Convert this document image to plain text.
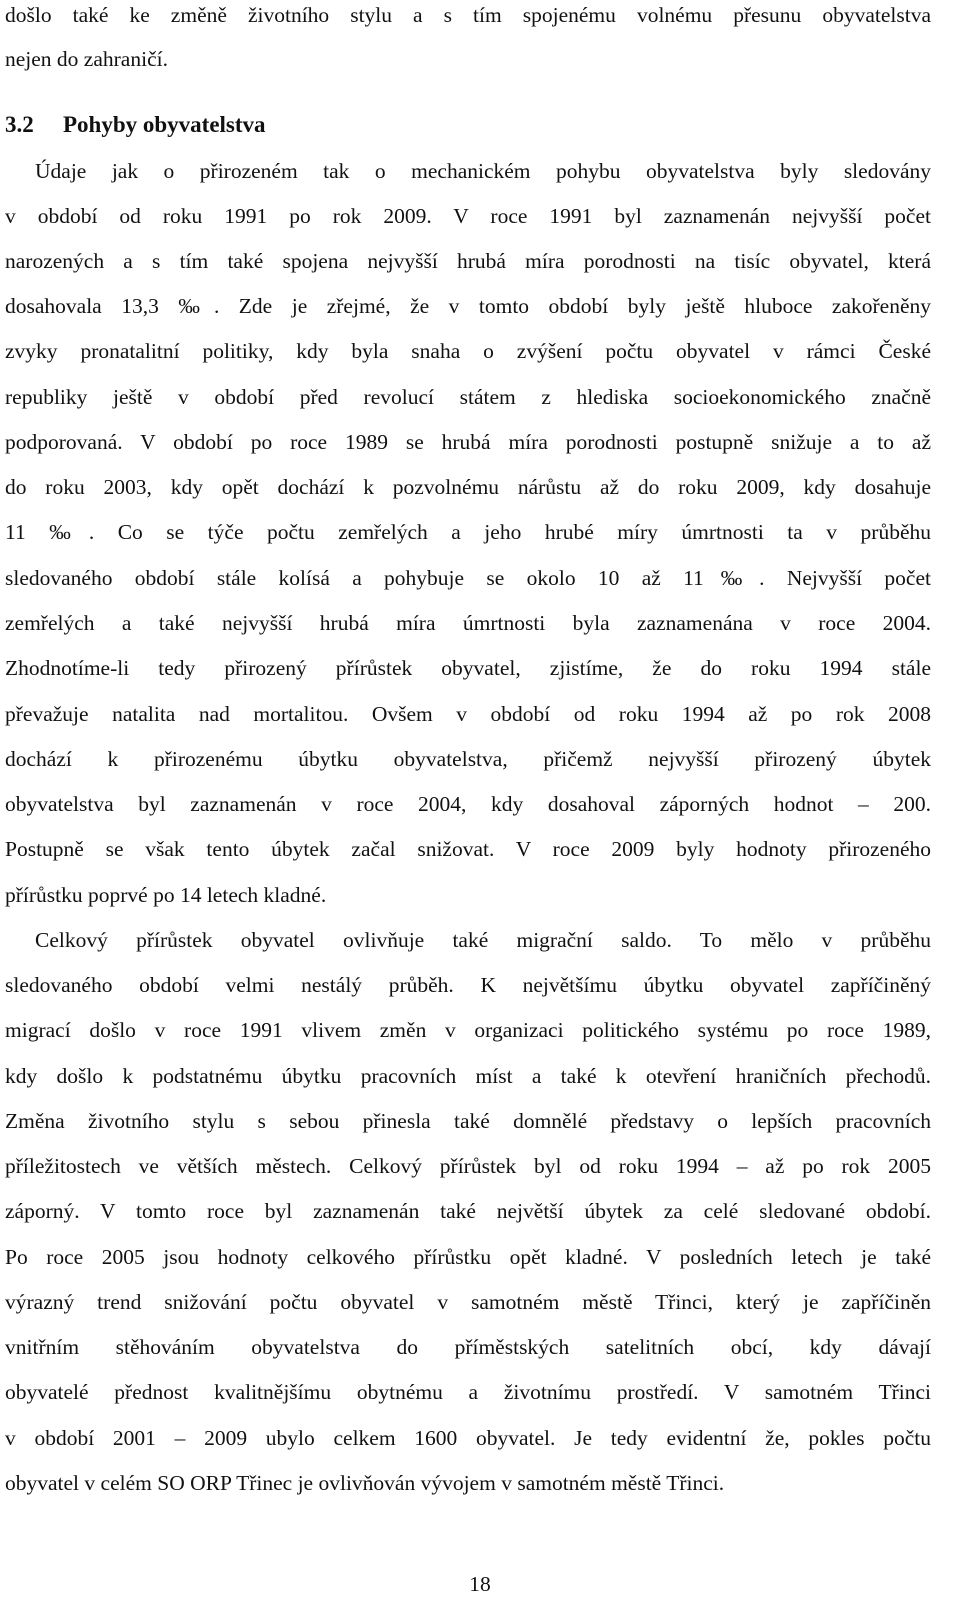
došlo také ke změně životního stylu a s tím spojenému volnému přesunu obyvatelstva
nejen do zahraničí.
3.2 Pohyby obyvatelstva
Údaje jak o přirozeném tak o mechanickém pohybu obyvatelstva byly sledovány
v období od roku 1991 po rok 2009. V roce 1991 byl zaznamenán nejvyšší počet
narozených a s tím také spojena nejvyšší hrubá míra porodnosti na tisíc obyvatel, která
dosahovala 13,3 ‰. Zde je zřejmé, že v tomto období byly ještě hluboce zakořeněny
zvyky pronatalitní politiky, kdy byla snaha o zvýšení počtu obyvatel v rámci České
republiky ještě v období před revolucí státem z hlediska socioekonomického značně
podporovaná. V období po roce 1989 se hrubá míra porodnosti postupně snižuje a to až
do roku 2003, kdy opět dochází k pozvolnému nárůstu až do roku 2009, kdy dosahuje
11 ‰. Co se týče počtu zemřelých a jeho hrubé míry úmrtnosti ta v průběhu
sledovaného období stále kolísá a pohybuje se okolo 10 až 11‰. Nejvyšší počet
zemřelých a také nejvyšší hrubá míra úmrtnosti byla zaznamenána v roce 2004.
Zhodnotíme-li tedy přirozený přírůstek obyvatel, zjistíme, že do roku 1994 stále
převažuje natalita nad mortalitou. Ovšem v období od roku 1994 až po rok 2008
dochází k přirozenému úbytku obyvatelstva, přičemž nejvyšší přirozený úbytek
obyvatelstva byl zaznamenán v roce 2004, kdy dosahoval záporných hodnot – 200.
Postupně se však tento úbytek začal snižovat. V roce 2009 byly hodnoty přirozeného
přírůstku poprvé po 14 letech kladné.
Celkový přírůstek obyvatel ovlivňuje také migrační saldo. To mělo v průběhu
sledovaného období velmi nestálý průběh. K největšímu úbytku obyvatel zapříčiněný
migrací došlo v roce 1991 vlivem změn v organizaci politického systému po roce 1989,
kdy došlo k podstatnému úbytku pracovních míst a také k otevření hraničních přechodů.
Změna životního stylu s sebou přinesla také domnělé představy o lepších pracovních
příležitostech ve větších městech. Celkový přírůstek byl od roku 1994 – až po rok 2005
záporný. V tomto roce byl zaznamenán také největší úbytek za celé sledované období.
Po roce 2005 jsou hodnoty celkového přírůstku opět kladné. V posledních letech je také
výrazný trend snižování počtu obyvatel v samotném městě Třinci, který je zapříčiněn
vnitřním stěhováním obyvatelstva do příměstských satelitních obcí, kdy dávají
obyvatelé přednost kvalitnějšímu obytnému a životnímu prostředí. V samotném Třinci
v období 2001 – 2009 ubylo celkem 1600 obyvatel. Je tedy evidentní že, pokles počtu
obyvatel v celém SO ORP Třinec je ovlivňován vývojem v samotném městě Třinci.
18
